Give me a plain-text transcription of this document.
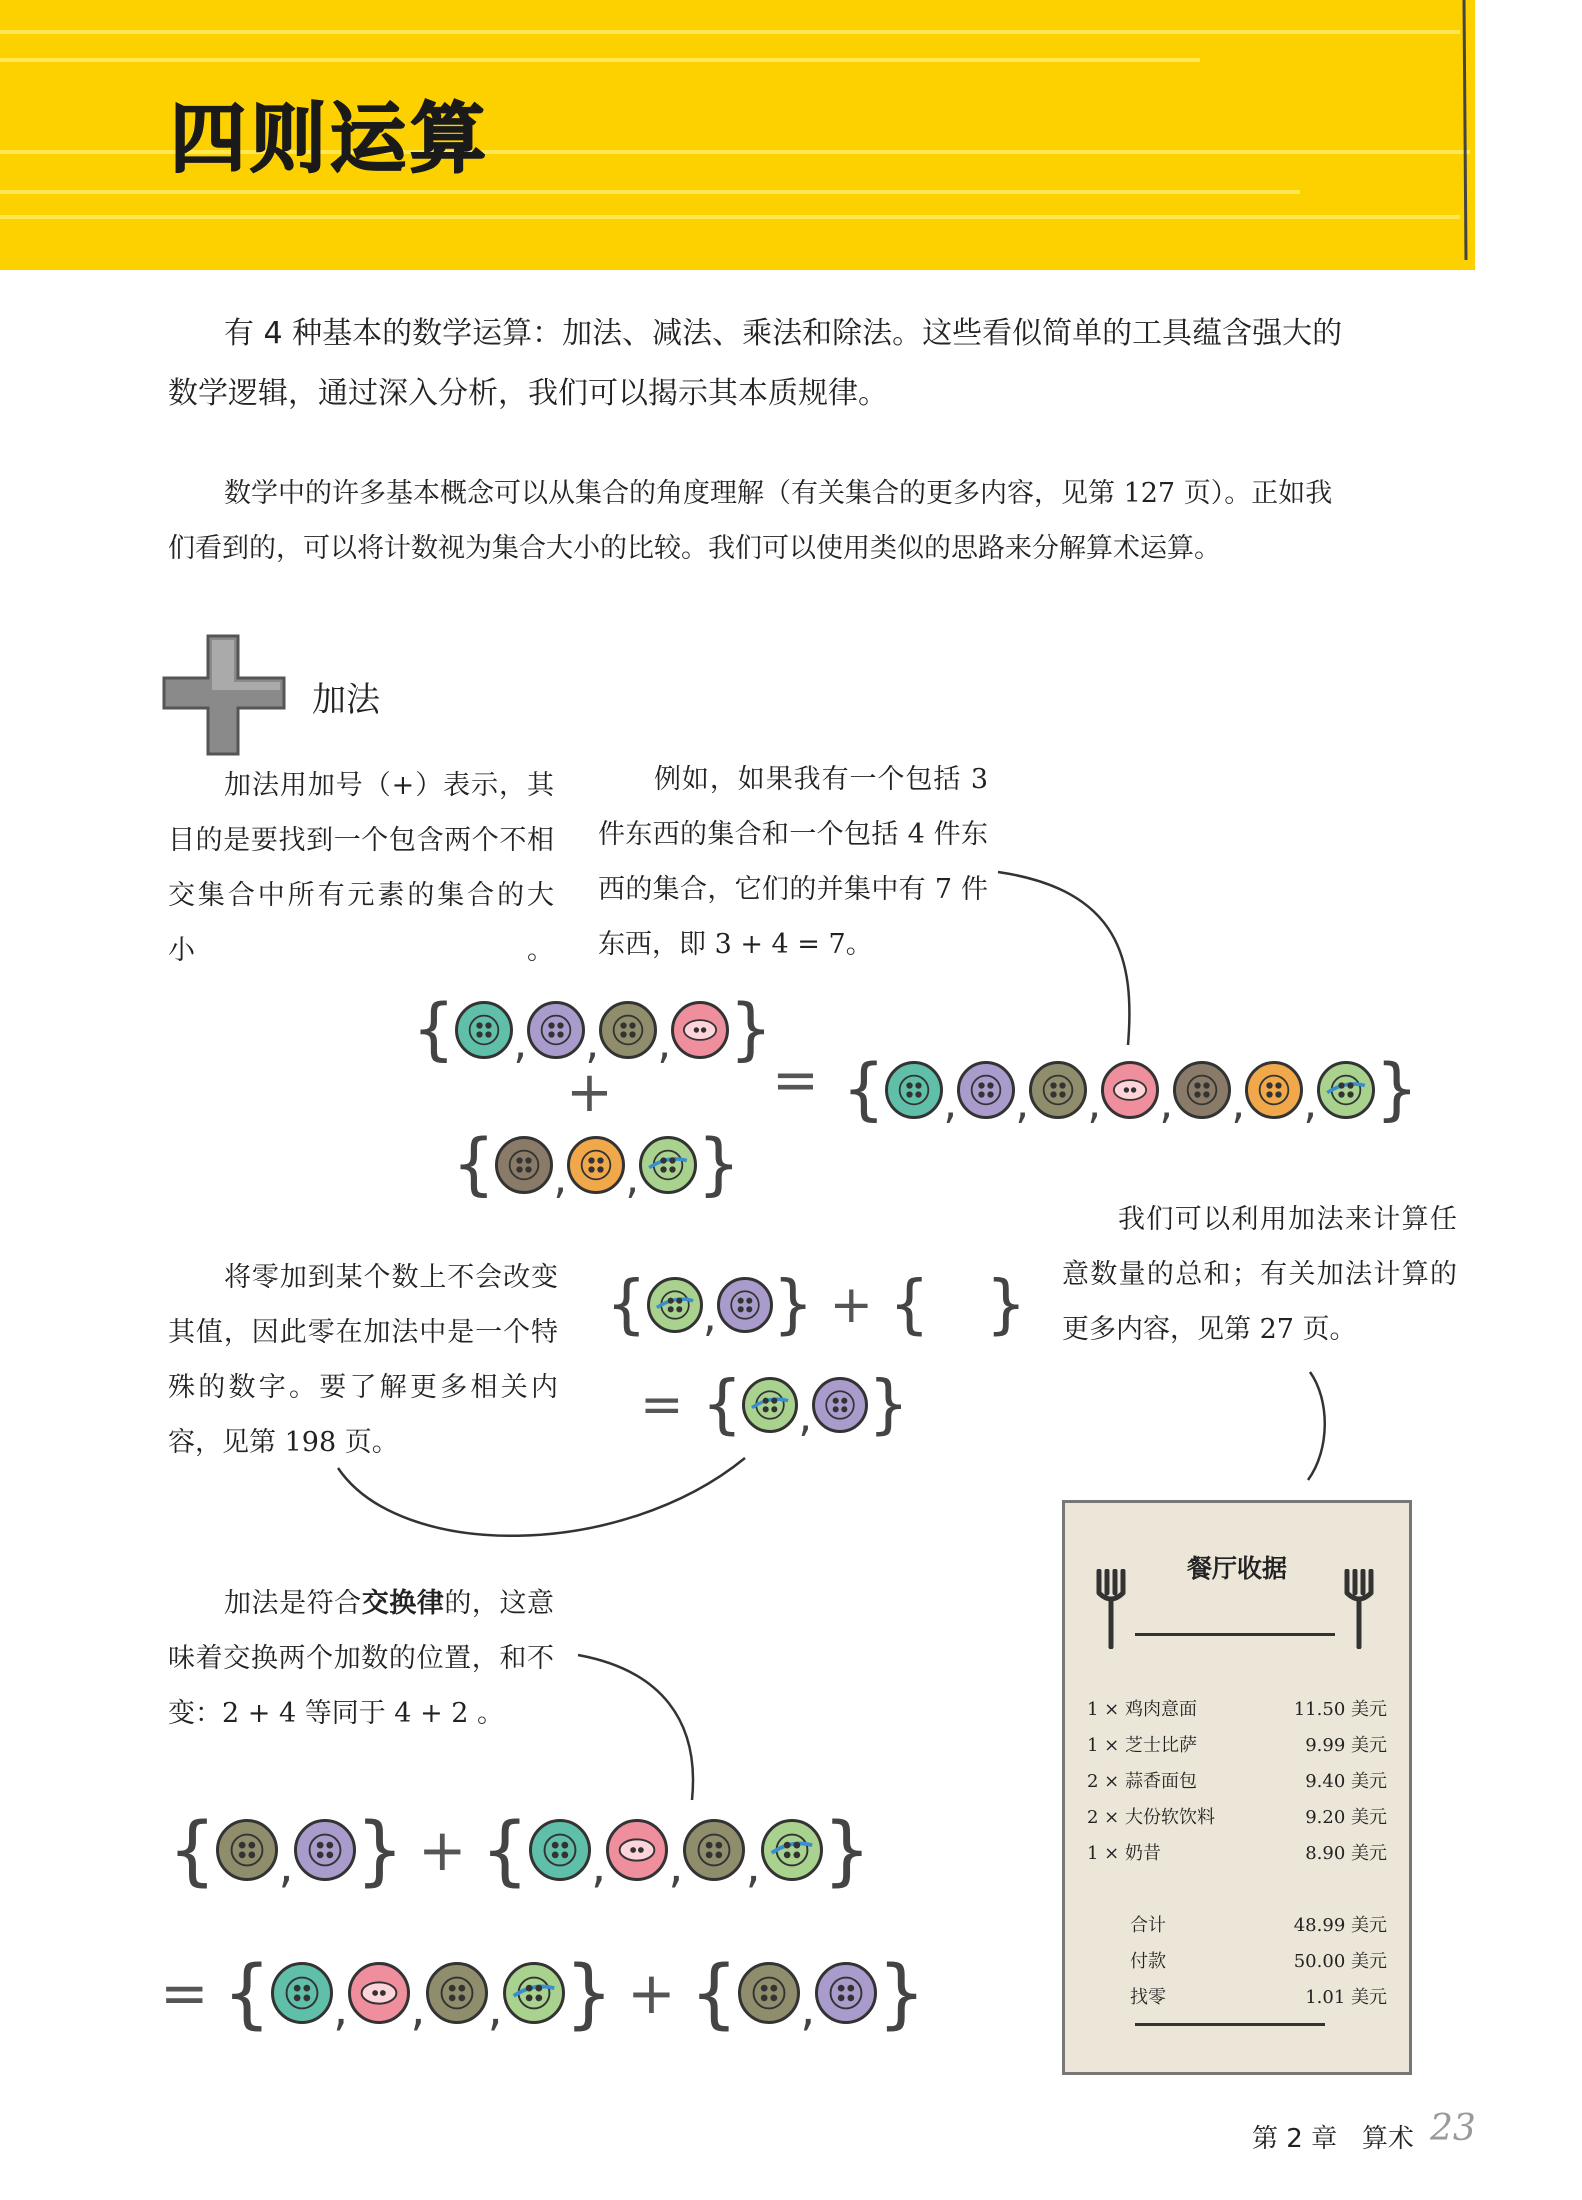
四则运算
有 4 种基本的数学运算：加法、减法、乘法和除法。这些看似简单的工具蕴含强大的数学逻辑，通过深入分析，我们可以揭示其本质规律。
数学中的许多基本概念可以从集合的角度理解（有关集合的更多内容，见第 127 页）。正如我们看到的，可以将计数视为集合大小的比较。我们可以使用类似的思路来分解算术运算。
加法
加法用加号（+）表示，其目的是要找到一个包含两个不相交集合中所有元素的集合的大小。
例如，如果我有一个包括 3 件东西的集合和一个包括 4 件东西的集合，它们的并集中有 7 件东西，即 3 + 4 = 7。
{ , , , }
+
{ , , }
= { , , , , , , }
将零加到某个数上不会改变其值，因此零在加法中是一个特殊的数字。要了解更多相关内容，见第 198 页。
{ , } + { }
= { , }
我们可以利用加法来计算任意数量的总和；有关加法计算的更多内容，见第 27 页。
加法是符合交换律的，这意味着交换两个加数的位置，和不变：2 + 4 等同于 4 + 2 。
{ , } + { , , , }
= { , , , } + { , }
餐厅收据
1 × 鸡肉意面	11.50 美元
1 × 芝士比萨	9.99 美元
2 × 蒜香面包	9.40 美元
2 × 大份软饮料	9.20 美元
1 × 奶昔	8.90 美元
合计	48.99 美元
付款	50.00 美元
找零	1.01 美元
第 2 章 算术 23
